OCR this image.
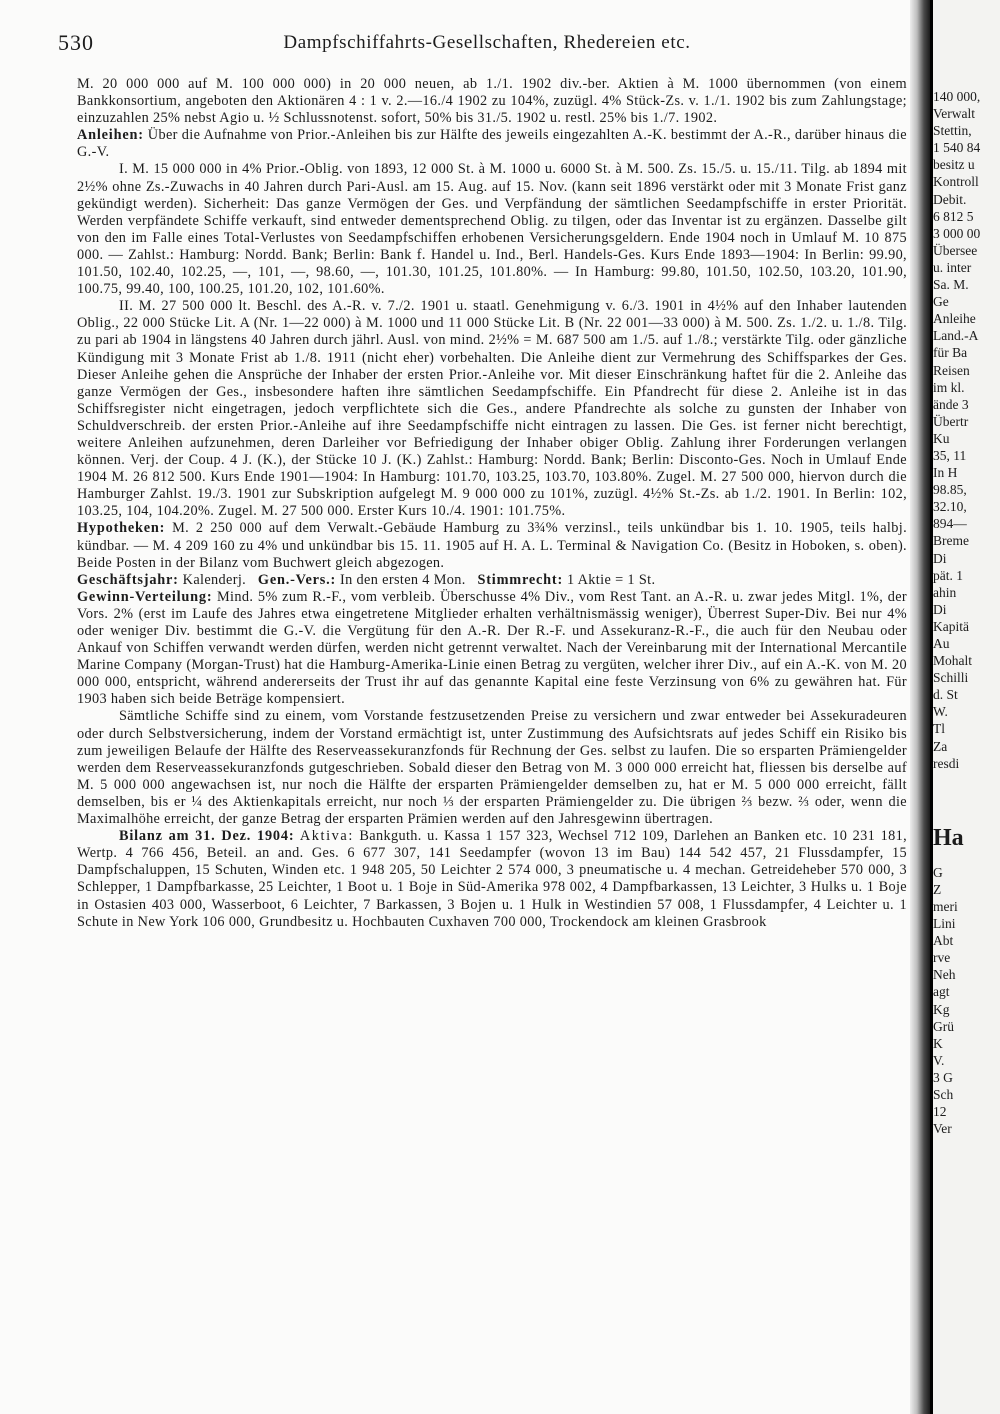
530	Dampfschiffahrts-Gesellschaften, Rhedereien etc.

M. 20 000 000 auf M. 100 000 000) in 20 000 neuen, ab 1./1. 1902 div.-ber. Aktien à M. 1000 übernommen (von einem Bankkonsortium, angeboten den Aktionären 4 : 1 v. 2.—16./4 1902 zu 104%, zuzügl. 4% Stück-Zs. v. 1./1. 1902 bis zum Zahlungstage; einzuzahlen 25% nebst Agio u. ½ Schlussnotenst. sofort, 50% bis 31./5. 1902 u. restl. 25% bis 1./7. 1902.

Anleihen: Über die Aufnahme von Prior.-Anleihen bis zur Hälfte des jeweils eingezahlten A.-K. bestimmt der A.-R., darüber hinaus die G.-V.

I. M. 15 000 000 in 4% Prior.-Oblig. von 1893, 12 000 St. à M. 1000 u. 6000 St. à M. 500. Zs. 15./5. u. 15./11. Tilg. ab 1894 mit 2½% ohne Zs.-Zuwachs in 40 Jahren durch Pari-Ausl. am 15. Aug. auf 15. Nov. (kann seit 1896 verstärkt oder mit 3 Monate Frist ganz gekündigt werden). Sicherheit: Das ganze Vermögen der Ges. und Verpfändung der sämtlichen Seedampfschiffe in erster Priorität. Werden verpfändete Schiffe verkauft, sind entweder dementsprechend Oblig. zu tilgen, oder das Inventar ist zu ergänzen. Dasselbe gilt von den im Falle eines Total-Verlustes von Seedampfschiffen erhobenen Versicherungsgeldern. Ende 1904 noch in Umlauf M. 10 875 000. — Zahlst.: Hamburg: Nordd. Bank; Berlin: Bank f. Handel u. Ind., Berl. Handels-Ges. Kurs Ende 1893—1904: In Berlin: 99.90, 101.50, 102.40, 102.25, —, 101, —, 98.60, —, 101.30, 101.25, 101.80%. — In Hamburg: 99.80, 101.50, 102.50, 103.20, 101.90, 100.75, 99.40, 100, 100.25, 101.20, 102, 101.60%.

II. M. 27 500 000 lt. Beschl. des A.-R. v. 7./2. 1901 u. staatl. Genehmigung v. 6./3. 1901 in 4½% auf den Inhaber lautenden Oblig., 22 000 Stücke Lit. A (Nr. 1—22 000) à M. 1000 und 11 000 Stücke Lit. B (Nr. 22 001—33 000) à M. 500. Zs. 1./2. u. 1./8. Tilg. zu pari ab 1904 in längstens 40 Jahren durch jährl. Ausl. von mind. 2½% = M. 687 500 am 1./5. auf 1./8.; verstärkte Tilg. oder gänzliche Kündigung mit 3 Monate Frist ab 1./8. 1911 (nicht eher) vorbehalten. Die Anleihe dient zur Vermehrung des Schiffsparkes der Ges. Dieser Anleihe gehen die Ansprüche der Inhaber der ersten Prior.-Anleihe vor. Mit dieser Einschränkung haftet für die 2. Anleihe das ganze Vermögen der Ges., insbesondere haften ihre sämtlichen Seedampfschiffe. Ein Pfandrecht für diese 2. Anleihe ist in das Schiffsregister nicht eingetragen, jedoch verpflichtete sich die Ges., andere Pfandrechte als solche zu gunsten der Inhaber von Schuldverschreib. der ersten Prior.-Anleihe auf ihre Seedampfschiffe nicht eintragen zu lassen. Die Ges. ist ferner nicht berechtigt, weitere Anleihen aufzunehmen, deren Darleiher vor Befriedigung der Inhaber obiger Oblig. Zahlung ihrer Forderungen verlangen können. Verj. der Coup. 4 J. (K.), der Stücke 10 J. (K.) Zahlst.: Hamburg: Nordd. Bank; Berlin: Disconto-Ges. Noch in Umlauf Ende 1904 M. 26 812 500. Kurs Ende 1901—1904: In Hamburg: 101.70, 103.25, 103.70, 103.80%. Zugel. M. 27 500 000, hiervon durch die Hamburger Zahlst. 19./3. 1901 zur Subskription aufgelegt M. 9 000 000 zu 101%, zuzügl. 4½% St.-Zs. ab 1./2. 1901. In Berlin: 102, 103.25, 104, 104.20%. Zugel. M. 27 500 000. Erster Kurs 10./4. 1901: 101.75%.

Hypotheken: M. 2 250 000 auf dem Verwalt.-Gebäude Hamburg zu 3¾% verzinsl., teils unkündbar bis 1. 10. 1905, teils halbj. kündbar. — M. 4 209 160 zu 4% und unkündbar bis 15. 11. 1905 auf H. A. L. Terminal & Navigation Co. (Besitz in Hoboken, s. oben). Beide Posten in der Bilanz vom Buchwert gleich abgezogen.

Geschäftsjahr: Kalenderj. Gen.-Vers.: In den ersten 4 Mon. Stimmrecht: 1 Aktie = 1 St.

Gewinn-Verteilung: Mind. 5% zum R.-F., vom verbleib. Überschusse 4% Div., vom Rest Tant. an A.-R. u. zwar jedes Mitgl. 1%, der Vors. 2% (erst im Laufe des Jahres etwa eingetretene Mitglieder erhalten verhältnismässig weniger), Überrest Super-Div. Bei nur 4% oder weniger Div. bestimmt die G.-V. die Vergütung für den A.-R. Der R.-F. und Assekuranz-R.-F., die auch für den Neubau oder Ankauf von Schiffen verwandt werden dürfen, werden nicht getrennt verwaltet. Nach der Vereinbarung mit der International Mercantile Marine Company (Morgan-Trust) hat die Hamburg-Amerika-Linie einen Betrag zu vergüten, welcher ihrer Div., auf ein A.-K. von M. 20 000 000, entspricht, während andererseits der Trust ihr auf das genannte Kapital eine feste Verzinsung von 6% zu gewähren hat. Für 1903 haben sich beide Beträge kompensiert.

Sämtliche Schiffe sind zu einem, vom Vorstande festzusetzenden Preise zu versichern und zwar entweder bei Assekuradeuren oder durch Selbstversicherung, indem der Vorstand ermächtigt ist, unter Zustimmung des Aufsichtsrats auf jedes Schiff ein Risiko bis zum jeweiligen Belaufe der Hälfte des Reserveassekuranzfonds für Rechnung der Ges. selbst zu laufen. Die so ersparten Prämiengelder werden dem Reserveassekuranzfonds gutgeschrieben. Sobald dieser den Betrag von M. 3 000 000 erreicht hat, fliessen bis derselbe auf M. 5 000 000 angewachsen ist, nur noch die Hälfte der ersparten Prämiengelder demselben zu, hat er M. 5 000 000 erreicht, fällt demselben, bis er ¼ des Aktienkapitals erreicht, nur noch ⅓ der ersparten Prämiengelder zu. Die übrigen ⅔ bezw. ⅔ oder, wenn die Maximalhöhe erreicht, der ganze Betrag der ersparten Prämien werden auf den Jahresgewinn übertragen.

Bilanz am 31. Dez. 1904: Aktiva: Bankguth. u. Kassa 1 157 323, Wechsel 712 109, Darlehen an Banken etc. 10 231 181, Wertp. 4 766 456, Beteil. an and. Ges. 6 677 307, 141 Seedampfer (wovon 13 im Bau) 144 542 457, 21 Flussdampfer, 15 Dampfschaluppen, 15 Schuten, Winden etc. 1 948 205, 50 Leichter 2 574 000, 3 pneumatische u. 4 mechan. Getreideheber 570 000, 3 Schlepper, 1 Dampfbarkasse, 25 Leichter, 1 Boot u. 1 Boje in Süd-Amerika 978 002, 4 Dampfbarkassen, 13 Leichter, 3 Hulks u. 1 Boje in Ostasien 403 000, Wasserboot, 6 Leichter, 7 Barkassen, 3 Bojen u. 1 Hulk in Westindien 57 008, 1 Flussdampfer, 4 Leichter u. 1 Schute in New York 106 000, Grundbesitz u. Hochbauten Cuxhaven 700 000, Trockendock am kleinen Grasbrook

140 000,
Verwalt
Stettin,
1 540 84
besitz u
Kontroll
Debit.
6 812 5
3 000 00
Übersee
u. inter
Sa. M.
Ge
Anleihe
Land.-A
für Ba
Reisen
im kl.
ände 3
Übertr
Ku
35, 11
In H
98.85,
32.10,
894—
Breme
Di
pät. 1
ahin
Di
Kapitä
Au
Mohalt
Schilli
d. St
W.
Tl
Za
resdi
Ha
G
Z
meri
Lini
Abt
rve
Neh
agt
Kg
Grü
K
V.
3 G
Sch
12
Ver
